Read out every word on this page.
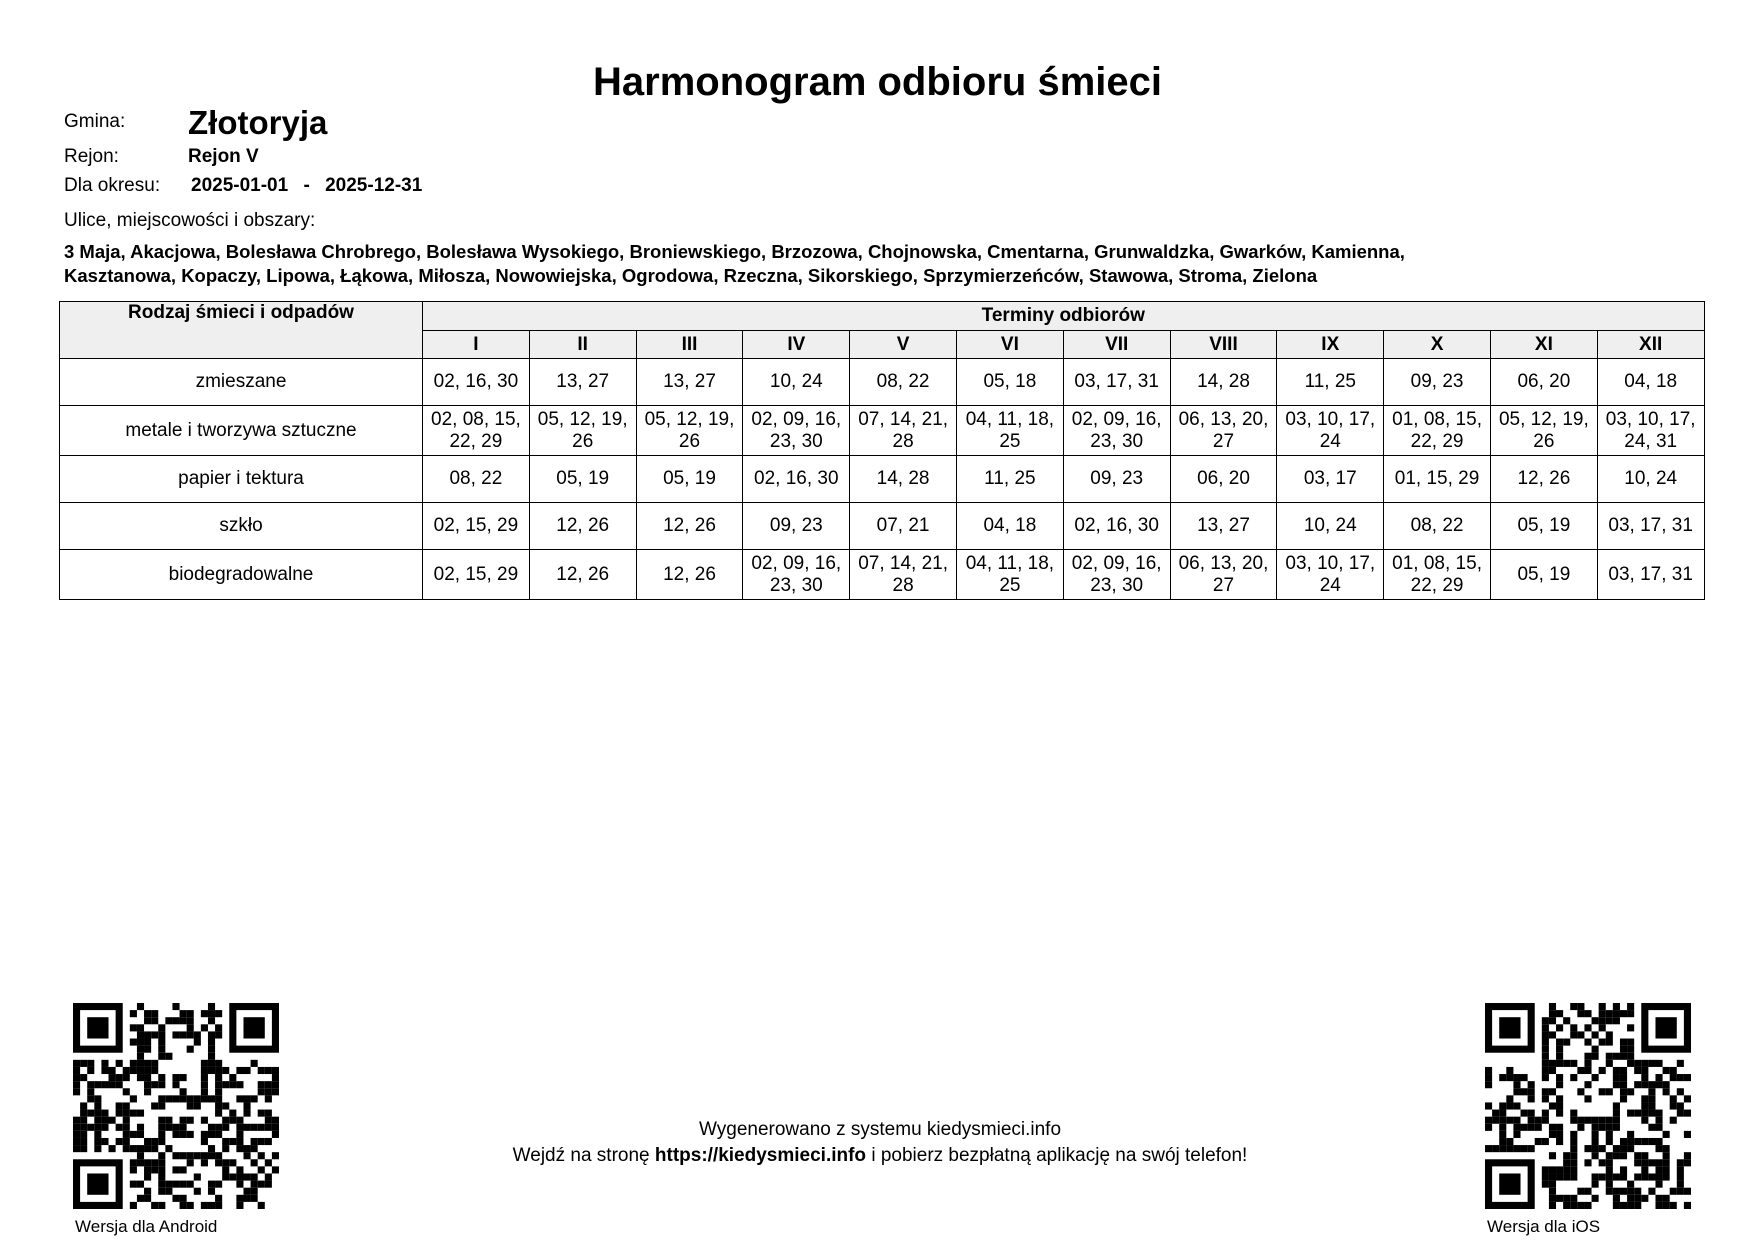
Harmonogram odbioru śmieci
Gmina: Złotoryja
Rejon:	Rejon V
Dla okresu: 2025-01-01 - 2025-12-31
Ulice, miejscowości i obszary:
3 Maja, Akacjowa, Bolesława Chrobrego, Bolesława Wysokiego, Broniewskiego, Brzozowa, Chojnowska, Cmentarna, Grunwaldzka, Gwarków, Kamienna,
Kasztanowa, Kopaczy, Lipowa, Łąkowa, Miłosza, Nowowiejska, Ogrodowa, Rzeczna, Sikorskiego, Sprzymierzeńców, Stawowa, Stroma, Zielona
Rodzaj śmieci i odpadów	Terminy odbiorów											
	I	II	III	IV	V	VI	VII	VIII	IX	X	XI	XII
zmieszane	02, 16, 30	13, 27	13, 27	10, 24	08, 22	05, 18	03, 17, 31	14, 28	11, 25	09, 23	06, 20	04, 18
metale i tworzywa sztuczne	02, 08, 15, 22, 29	05, 12, 19, 26	05, 12, 19, 26	02, 09, 16, 23, 30	07, 14, 21, 28	04, 11, 18, 25	02, 09, 16, 23, 30	06, 13, 20, 27	03, 10, 17, 24	01, 08, 15, 22, 29	05, 12, 19, 26	03, 10, 17, 24, 31
papier i tektura	08, 22	05, 19	05, 19	02, 16, 30	14, 28	11, 25	09, 23	06, 20	03, 17	01, 15, 29	12, 26	10, 24
szkło	02, 15, 29	12, 26	12, 26	09, 23	07, 21	04, 18	02, 16, 30	13, 27	10, 24	08, 22	05, 19	03, 17, 31
biodegradowalne	02, 15, 29	12, 26	12, 26	02, 09, 16, 23, 30	07, 14, 21, 28	04, 11, 18, 25	02, 09, 16, 23, 30	06, 13, 20, 27	03, 10, 17, 24	01, 08, 15, 22, 29	05, 19	03, 17, 31
Wersja dla Android	Wersja dla iOS
Wygenerowano z systemu kiedysmieci.info
Wejdź na stronę https://kiedysmieci.info i pobierz bezpłatną aplikację na swój telefon!
